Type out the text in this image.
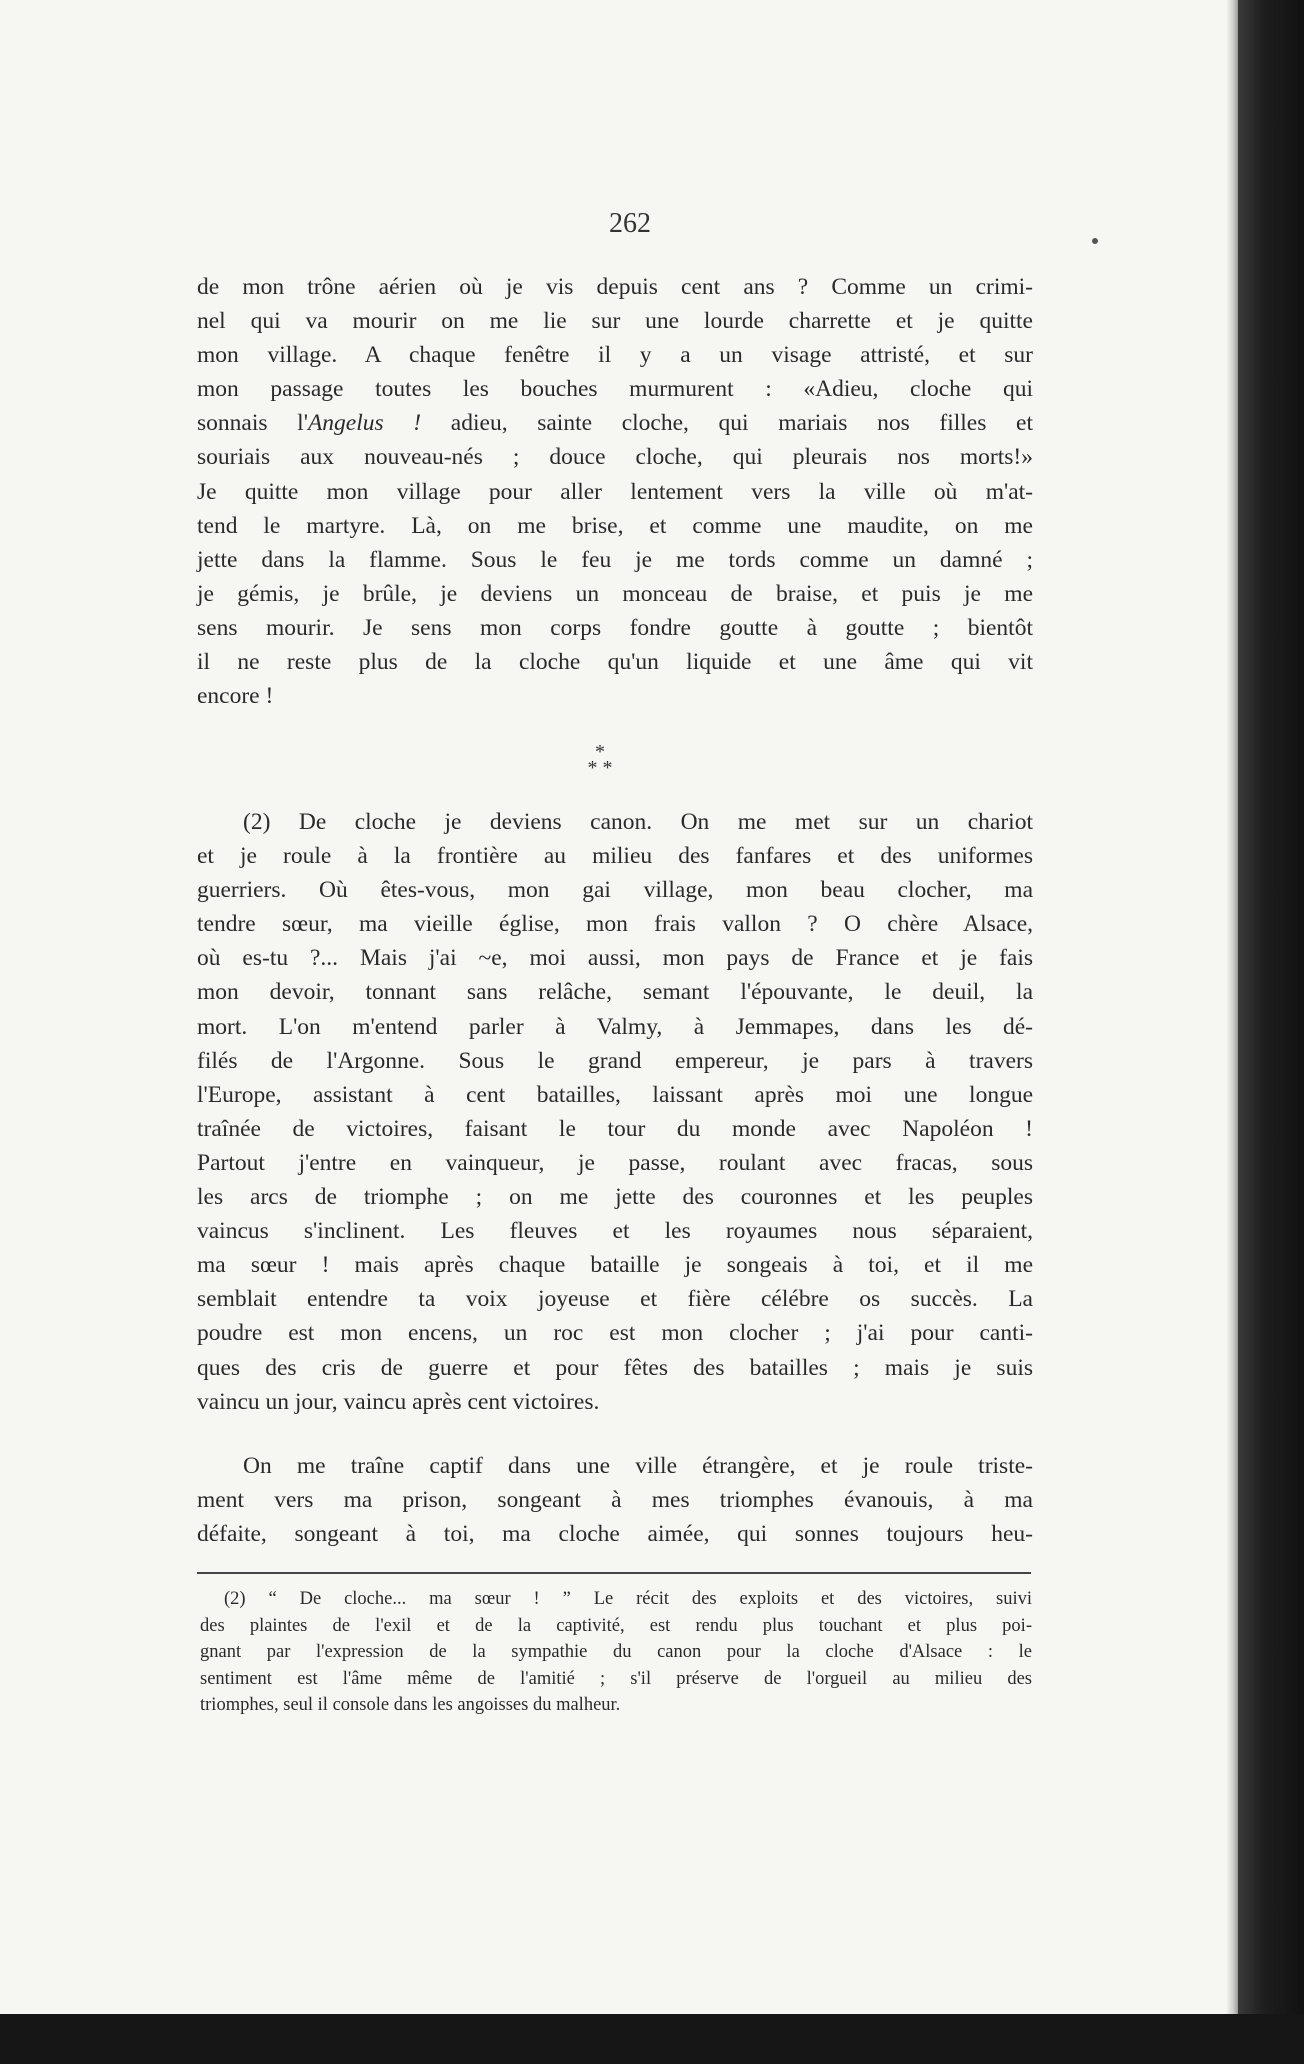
262
de mon trône aérien où je vis depuis cent ans ? Comme un crimi-
nel qui va mourir on me lie sur une lourde charrette et je quitte
mon village. A chaque fenêtre il y a un visage attristé, et sur
mon passage toutes les bouches murmurent : «Adieu, cloche qui
sonnais l'Angelus ! adieu, sainte cloche, qui mariais nos filles et
souriais aux nouveau-nés ; douce cloche, qui pleurais nos morts!»
Je quitte mon village pour aller lentement vers la ville où m'at-
tend le martyre. Là, on me brise, et comme une maudite, on me
jette dans la flamme. Sous le feu je me tords comme un damné ;
je gémis, je brûle, je deviens un monceau de braise, et puis je me
sens mourir. Je sens mon corps fondre goutte à goutte ; bientôt
il ne reste plus de la cloche qu'un liquide et une âme qui vit
encore !
*
* *
(2) De cloche je deviens canon. On me met sur un chariot
et je roule à la frontière au milieu des fanfares et des uniformes
guerriers. Où êtes-vous, mon gai village, mon beau clocher, ma
tendre sœur, ma vieille église, mon frais vallon ? O chère Alsace,
où es-tu ?... Mais j'ai ~e, moi aussi, mon pays de France et je fais
mon devoir, tonnant sans relâche, semant l'épouvante, le deuil, la
mort. L'on m'entend parler à Valmy, à Jemmapes, dans les dé-
filés de l'Argonne. Sous le grand empereur, je pars à travers
l'Europe, assistant à cent batailles, laissant après moi une longue
traînée de victoires, faisant le tour du monde avec Napoléon !
Partout j'entre en vainqueur, je passe, roulant avec fracas, sous
les arcs de triomphe ; on me jette des couronnes et les peuples
vaincus s'inclinent. Les fleuves et les royaumes nous séparaient,
ma sœur ! mais après chaque bataille je songeais à toi, et il me
semblait entendre ta voix joyeuse et fière célébre os succès. La
poudre est mon encens, un roc est mon clocher ; j'ai pour canti-
ques des cris de guerre et pour fêtes des batailles ; mais je suis
vaincu un jour, vaincu après cent victoires.
On me traîne captif dans une ville étrangère, et je roule triste-
ment vers ma prison, songeant à mes triomphes évanouis, à ma
défaite, songeant à toi, ma cloche aimée, qui sonnes toujours heu-
(2) “ De cloche... ma sœur ! ” Le récit des exploits et des victoires, suivi
des plaintes de l'exil et de la captivité, est rendu plus touchant et plus poi-
gnant par l'expression de la sympathie du canon pour la cloche d'Alsace : le
sentiment est l'âme même de l'amitié ; s'il préserve de l'orgueil au milieu des
triomphes, seul il console dans les angoisses du malheur.
